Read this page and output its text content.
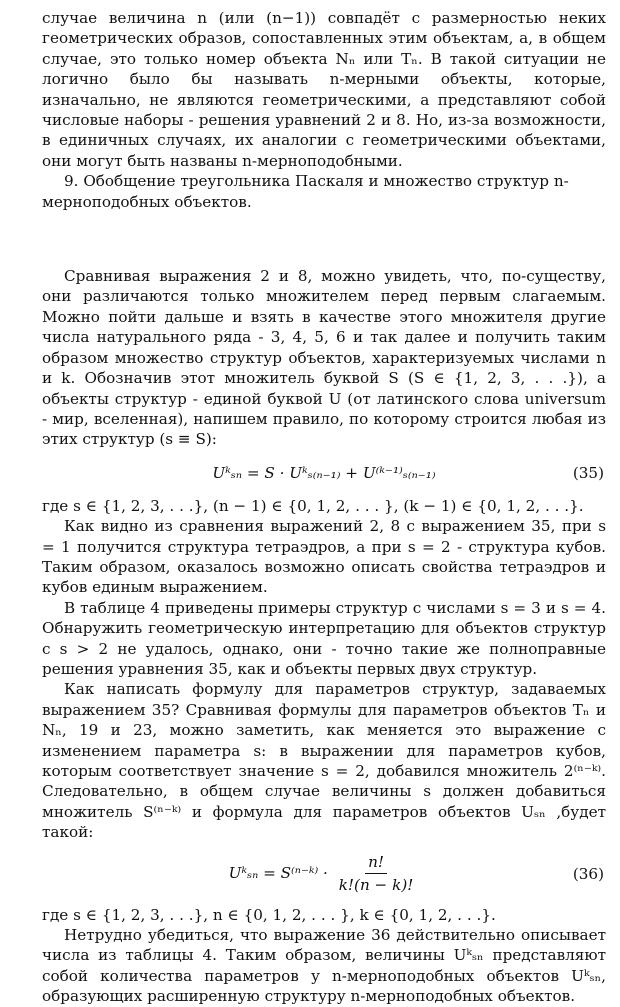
случае величина n (или (n−1)) совпадёт с размерностью неких геометрических образов, сопоставленных этим объектам, а, в общем случае, это только номер объекта Nₙ или Tₙ. В такой ситуации не логично было бы называть n-мерными объекты, которые, изначально, не являются геометрическими, а представляют собой числовые наборы - решения уравнений 2 и 8. Но, из-за возможности, в единичных случаях, их аналогии с геометрическими объектами, они могут быть названы n-мерноподобными.

9. Обобщение треугольника Паскаля и множество структур n-мерноподобных объектов.

Сравнивая выражения 2 и 8, можно увидеть, что, по-существу, они различаются только множителем перед первым слагаемым. Можно пойти дальше и взять в качестве этого множителя другие числа натурального ряда - 3, 4, 5, 6 и так далее и получить таким образом множество структур объектов, характеризуемых числами n и k. Обозначив этот множитель буквой S (S ∈ {1, 2, 3, . . .}), а объекты структур - единой буквой U (от латинского слова universum - мир, вселенная), напишем правило, по которому строится любая из этих структур (s ≡ S):

Uᵏₛₙ = S · Uᵏₛ₍ₙ₋₁₎ + U⁽ᵏ⁻¹⁾ₛ₍ₙ₋₁₎	(35)

где s ∈ {1, 2, 3, . . .}, (n − 1) ∈ {0, 1, 2, . . . }, (k − 1) ∈ {0, 1, 2, . . .}.

Как видно из сравнения выражений 2, 8 с выражением 35, при s = 1 получится структура тетраэдров, а при s = 2 - структура кубов. Таким образом, оказалось возможно описать свойства тетраэдров и кубов единым выражением.

В таблице 4 приведены примеры структур с числами s = 3 и s = 4. Обнаружить геометрическую интерпретацию для объектов структур с s > 2 не удалось, однако, они - точно такие же полноправные решения уравнения 35, как и объекты первых двух структур.

Как написать формулу для параметров структур, задаваемых выражением 35? Сравнивая формулы для параметров объектов Tₙ и Nₙ, 19 и 23, можно заметить, как меняется это выражение с изменением параметра s: в выражении для параметров кубов, которым соответствует значение s = 2, добавился множитель 2⁽ⁿ⁻ᵏ⁾. Следовательно, в общем случае величины s должен добавиться множитель S⁽ⁿ⁻ᵏ⁾ и формула для параметров объектов Uₛₙ ,будет такой:

Uᵏₛₙ = S⁽ⁿ⁻ᵏ⁾ · $\frac{n!}{k!(n - k)!}$	(36)

где s ∈ {1, 2, 3, . . .}, n ∈ {0, 1, 2, . . . }, k ∈ {0, 1, 2, . . .}.

Нетрудно убедиться, что выражение 36 действительно описывает числа из таблицы 4. Таким образом, величины Uᵏₛₙ представляют собой количества параметров у n-мерноподобных объектов Uᵏₛₙ, образующих расширенную структуру n-мерноподобных объектов.
